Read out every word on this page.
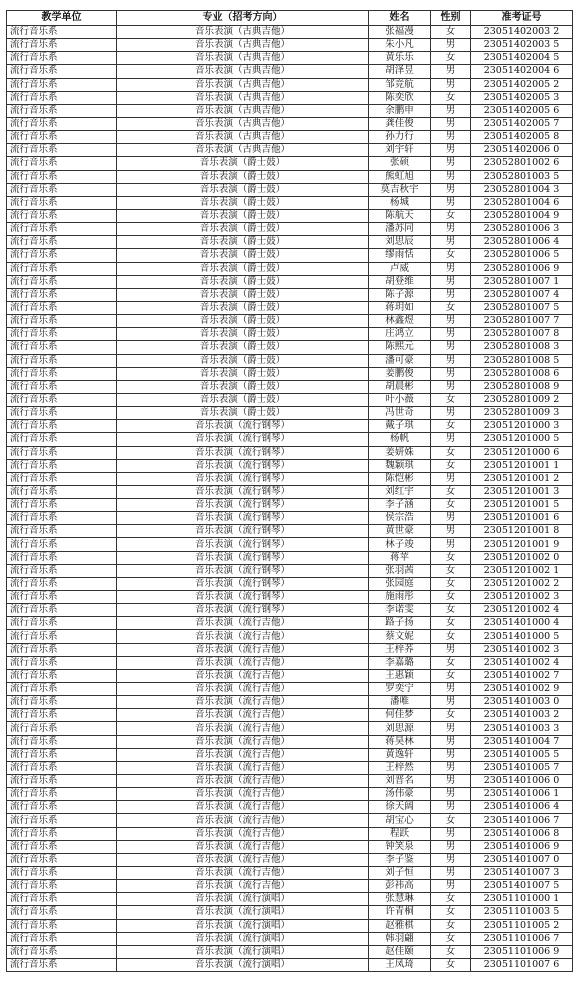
教学单位	专业（招考方向）	姓名	性别	准考证号
流行音乐系	音乐表演（古典吉他）	张福漫	女	23051402003 2
流行音乐系	音乐表演（古典吉他）	朱小凡	男	23051402003 5
流行音乐系	音乐表演（古典吉他）	黄乐乐	女	23051402004 5
流行音乐系	音乐表演（古典吉他）	胡泽昱	男	23051402004 6
流行音乐系	音乐表演（古典吉他）	邹竞航	男	23051402005 2
流行音乐系	音乐表演（古典吉他）	陈奕欣	女	23051402005 3
流行音乐系	音乐表演（古典吉他）	余鹏申	男	23051402005 6
流行音乐系	音乐表演（古典吉他）	龚佳俊	男	23051402005 7
流行音乐系	音乐表演（古典吉他）	孙力行	男	23051402005 8
流行音乐系	音乐表演（古典吉他）	刘宇轩	男	23051402006 0
流行音乐系	音乐表演（爵士鼓）	张硕	男	23052801002 6
流行音乐系	音乐表演（爵士鼓）	熊虹旭	男	23052801003 5
流行音乐系	音乐表演（爵士鼓）	莫吉秋宇	男	23052801004 3
流行音乐系	音乐表演（爵士鼓）	杨城	男	23052801004 6
流行音乐系	音乐表演（爵士鼓）	陈航天	女	23052801004 9
流行音乐系	音乐表演（爵士鼓）	潘苏同	男	23052801006 3
流行音乐系	音乐表演（爵士鼓）	刘思辰	男	23052801006 4
流行音乐系	音乐表演（爵士鼓）	缪雨恬	女	23052801006 5
流行音乐系	音乐表演（爵士鼓）	卢威	男	23052801006 9
流行音乐系	音乐表演（爵士鼓）	胡登维	男	23052801007 1
流行音乐系	音乐表演（爵士鼓）	陈子源	男	23052801007 4
流行音乐系	音乐表演（爵士鼓）	蒋玥如	女	23052801007 5
流行音乐系	音乐表演（爵士鼓）	林鑫煜	男	23052801007 7
流行音乐系	音乐表演（爵士鼓）	庄鸿立	男	23052801007 8
流行音乐系	音乐表演（爵士鼓）	陈熙元	男	23052801008 3
流行音乐系	音乐表演（爵士鼓）	潘可豪	男	23052801008 5
流行音乐系	音乐表演（爵士鼓）	姜鹏俊	男	23052801008 6
流行音乐系	音乐表演（爵士鼓）	胡晨彬	男	23052801008 9
流行音乐系	音乐表演（爵士鼓）	叶小薇	女	23052801009 2
流行音乐系	音乐表演（爵士鼓）	冯世奇	男	23052801009 3
流行音乐系	音乐表演（流行钢琴）	戴子琪	女	23051201000 3
流行音乐系	音乐表演（流行钢琴）	杨帆	男	23051201000 5
流行音乐系	音乐表演（流行钢琴）	姜妍姝	女	23051201000 6
流行音乐系	音乐表演（流行钢琴）	魏颖琪	女	23051201001 1
流行音乐系	音乐表演（流行钢琴）	陈恺彬	男	23051201001 2
流行音乐系	音乐表演（流行钢琴）	刘红宇	女	23051201001 3
流行音乐系	音乐表演（流行钢琴）	李子涵	女	23051201001 5
流行音乐系	音乐表演（流行钢琴）	侯宗浩	男	23051201001 6
流行音乐系	音乐表演（流行钢琴）	黄世豪	男	23051201001 8
流行音乐系	音乐表演（流行钢琴）	林子竣	男	23051201001 9
流行音乐系	音乐表演（流行钢琴）	蒋苹	女	23051201002 0
流行音乐系	音乐表演（流行钢琴）	张羽茜	女	23051201002 1
流行音乐系	音乐表演（流行钢琴）	张园庭	女	23051201002 2
流行音乐系	音乐表演（流行钢琴）	施雨彤	女	23051201002 3
流行音乐系	音乐表演（流行钢琴）	李诺雯	女	23051201002 4
流行音乐系	音乐表演（流行吉他）	路子扬	女	23051401000 4
流行音乐系	音乐表演（流行吉他）	蔡文妮	女	23051401000 5
流行音乐系	音乐表演（流行吉他）	王梓荞	男	23051401002 3
流行音乐系	音乐表演（流行吉他）	李嘉璐	女	23051401002 4
流行音乐系	音乐表演（流行吉他）	王惠颖	女	23051401002 7
流行音乐系	音乐表演（流行吉他）	罗奕宁	男	23051401002 9
流行音乐系	音乐表演（流行吉他）	潘唯	男	23051401003 0
流行音乐系	音乐表演（流行吉他）	何佳梦	女	23051401003 2
流行音乐系	音乐表演（流行吉他）	刘思源	男	23051401003 3
流行音乐系	音乐表演（流行吉他）	蒋昊林	男	23051401004 7
流行音乐系	音乐表演（流行吉他）	黄逸轩	男	23051401005 5
流行音乐系	音乐表演（流行吉他）	王梓然	男	23051401005 7
流行音乐系	音乐表演（流行吉他）	刘晋名	男	23051401006 0
流行音乐系	音乐表演（流行吉他）	汤伟豪	男	23051401006 1
流行音乐系	音乐表演（流行吉他）	徐天阔	男	23051401006 4
流行音乐系	音乐表演（流行吉他）	胡宝心	女	23051401006 7
流行音乐系	音乐表演（流行吉他）	程跃	男	23051401006 8
流行音乐系	音乐表演（流行吉他）	钟笑泉	男	23051401006 9
流行音乐系	音乐表演（流行吉他）	李子鉴	男	23051401007 0
流行音乐系	音乐表演（流行吉他）	刘子恒	男	23051401007 3
流行音乐系	音乐表演（流行吉他）	彭祎高	男	23051401007 5
流行音乐系	音乐表演（流行演唱）	张慧琳	女	23051101000 1
流行音乐系	音乐表演（流行演唱）	许青桐	女	23051101003 5
流行音乐系	音乐表演（流行演唱）	赵雅棋	女	23051101005 2
流行音乐系	音乐表演（流行演唱）	韩羽翩	女	23051101006 7
流行音乐系	音乐表演（流行演唱）	赵佳颐	女	23051101006 9
流行音乐系	音乐表演（流行演唱）	王凤琦	女	23051101007 6
